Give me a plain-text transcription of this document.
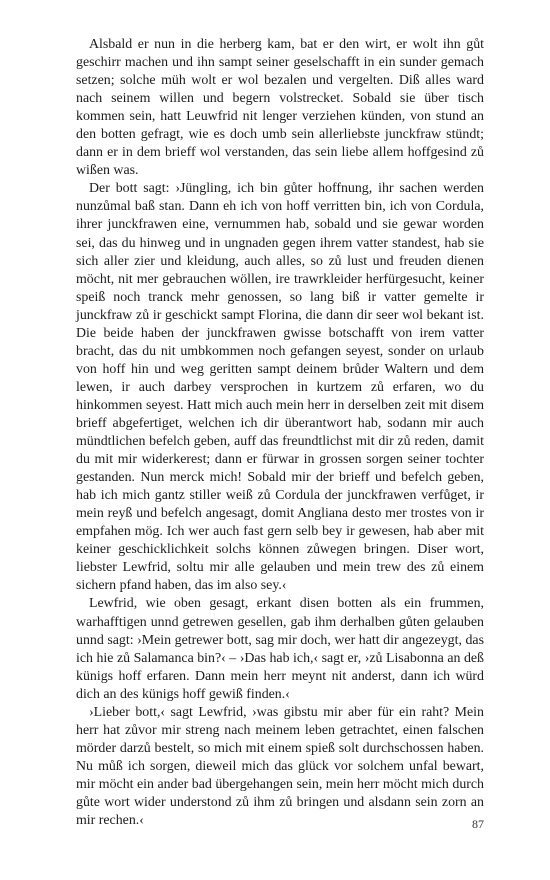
Alsbald er nun in die herberg kam, bat er den wirt, er wolt ihn gůt geschirr machen und ihn sampt seiner geselschafft in ein sunder gemach setzen; solche müh wolt er wol bezalen und vergelten. Diß alles ward nach seinem willen und begern volstrecket. Sobald sie über tisch kommen sein, hatt Leuwfrid nit lenger verziehen künden, von stund an den botten gefragt, wie es doch umb sein allerliebste junckfraw stündt; dann er in dem brieff wol verstanden, das sein liebe allem hoffgesind zů wißen was.

Der bott sagt: ›Jüngling, ich bin gůter hoffnung, ihr sachen werden nunzůmal baß stan. Dann eh ich von hoff verritten bin, ich von Cordula, ihrer junckfrawen eine, vernummen hab, sobald und sie gewar worden sei, das du hinweg und in ungnaden gegen ihrem vatter standest, hab sie sich aller zier und kleidung, auch alles, so zů lust und freuden dienen möcht, nit mer gebrauchen wöllen, ire trawrkleider herfürgesucht, keiner speiß noch tranck mehr genossen, so lang biß ir vatter gemelte ir junckfraw zů ir geschickt sampt Florina, die dann dir seer wol bekant ist. Die beide haben der junckfrawen gwisse botschafft von irem vatter bracht, das du nit umbkommen noch gefangen seyest, sonder on urlaub von hoff hin und weg geritten sampt deinem brůder Waltern und dem lewen, ir auch darbey versprochen in kurtzem zů erfaren, wo du hinkommen seyest. Hatt mich auch mein herr in derselben zeit mit disem brieff abgefertiget, welchen ich dir überantwort hab, sodann mir auch mündtlichen befelch geben, auff das freundtlichst mit dir zů reden, damit du mit mir widerkerest; dann er fürwar in grossen sorgen seiner tochter gestanden. Nun merck mich! Sobald mir der brieff und befelch geben, hab ich mich gantz stiller weiß zů Cordula der junckfrawen verfůget, ir mein reyß und befelch angesagt, domit Angliana desto mer trostes von ir empfahen mög. Ich wer auch fast gern selb bey ir gewesen, hab aber mit keiner geschicklichkeit solchs können zůwegen bringen. Diser wort, liebster Lewfrid, soltu mir alle gelauben und mein trew des zů einem sichern pfand haben, das im also sey.‹

Lewfrid, wie oben gesagt, erkant disen botten als ein frummen, warhafftigen unnd getrewen gesellen, gab ihm derhalben gůten gelauben unnd sagt: ›Mein getrewer bott, sag mir doch, wer hatt dir angezeygt, das ich hie zů Salamanca bin?‹ – ›Das hab ich,‹ sagt er, ›zů Lisabonna an deß künigs hoff erfaren. Dann mein herr meynt nit anderst, dann ich würd dich an des künigs hoff gewiß finden.‹

›Lieber bott,‹ sagt Lewfrid, ›was gibstu mir aber für ein raht? Mein herr hat zůvor mir streng nach meinem leben getrachtet, einen falschen mörder darzů bestelt, so mich mit einem spieß solt durchschossen haben. Nu můß ich sorgen, dieweil mich das glück vor solchem unfal bewart, mir möcht ein ander bad übergehangen sein, mein herr möcht mich durch gůte wort wider understond zů ihm zů bringen und alsdann sein zorn an mir rechen.‹	87
